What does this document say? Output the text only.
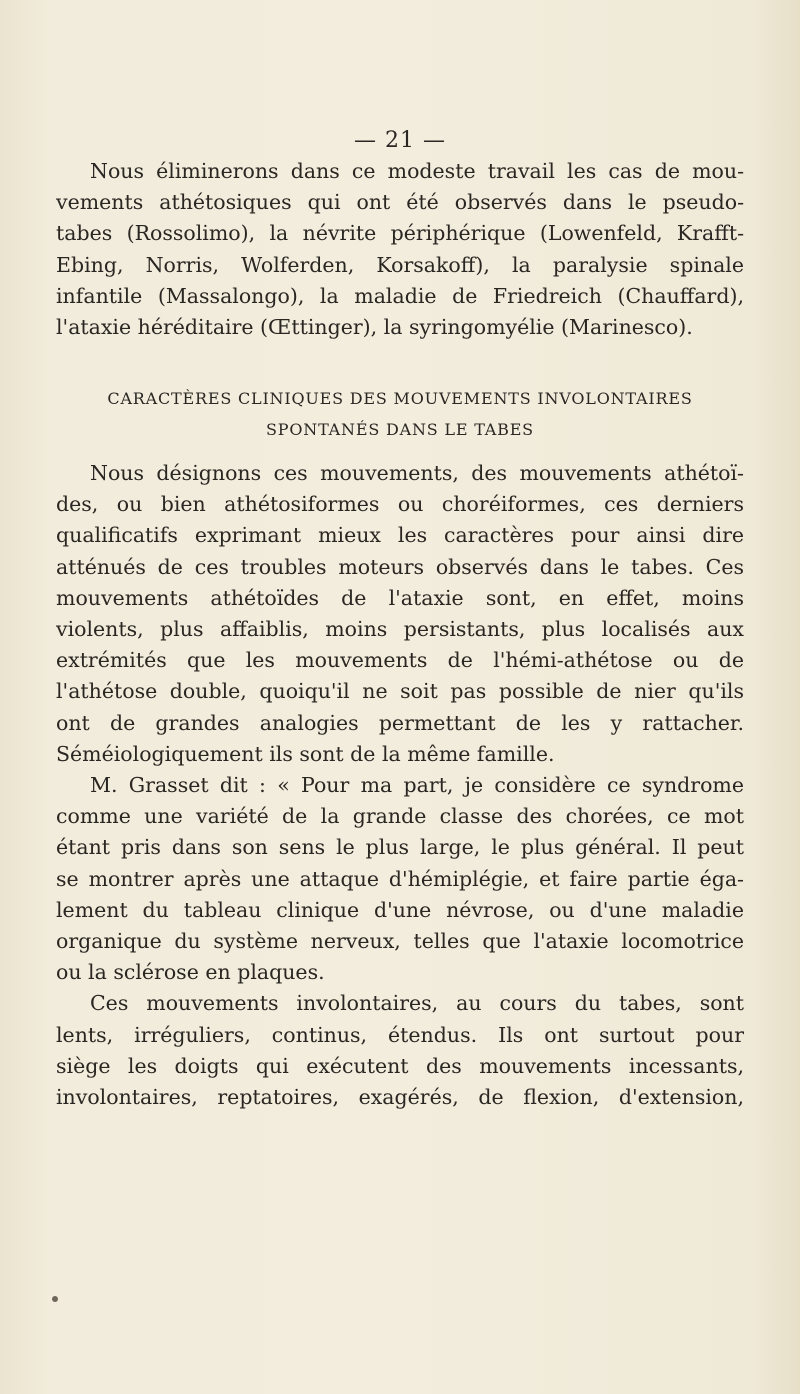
— 21 —
Nous éliminerons dans ce modeste travail les cas de mou-
vements athétosiques qui ont été observés dans le pseudo-
tabes (Rossolimo), la névrite périphérique (Lowenfeld, Krafft-
Ebing, Norris, Wolferden, Korsakoff), la paralysie spinale
infantile (Massalongo), la maladie de Friedreich (Chauffard),
l'ataxie héréditaire (Œttinger), la syringomyélie (Marinesco).
CARACTÈRES CLINIQUES DES MOUVEMENTS INVOLONTAIRES
SPONTANÉS DANS LE TABES
Nous désignons ces mouvements, des mouvements athétoï-
des, ou bien athétosiformes ou choréiformes, ces derniers
qualificatifs exprimant mieux les caractères pour ainsi dire
atténués de ces troubles moteurs observés dans le tabes. Ces
mouvements athétoïdes de l'ataxie sont, en effet, moins
violents, plus affaiblis, moins persistants, plus localisés aux
extrémités que les mouvements de l'hémi-athétose ou de
l'athétose double, quoiqu'il ne soit pas possible de nier qu'ils
ont de grandes analogies permettant de les y rattacher.
Séméiologiquement ils sont de la même famille.
M. Grasset dit : « Pour ma part, je considère ce syndrome
comme une variété de la grande classe des chorées, ce mot
étant pris dans son sens le plus large, le plus général. Il peut
se montrer après une attaque d'hémiplégie, et faire partie éga-
lement du tableau clinique d'une névrose, ou d'une maladie
organique du système nerveux, telles que l'ataxie locomotrice
ou la sclérose en plaques.
Ces mouvements involontaires, au cours du tabes, sont
lents, irréguliers, continus, étendus. Ils ont surtout pour
siège les doigts qui exécutent des mouvements incessants,
involontaires, reptatoires, exagérés, de flexion, d'extension,
